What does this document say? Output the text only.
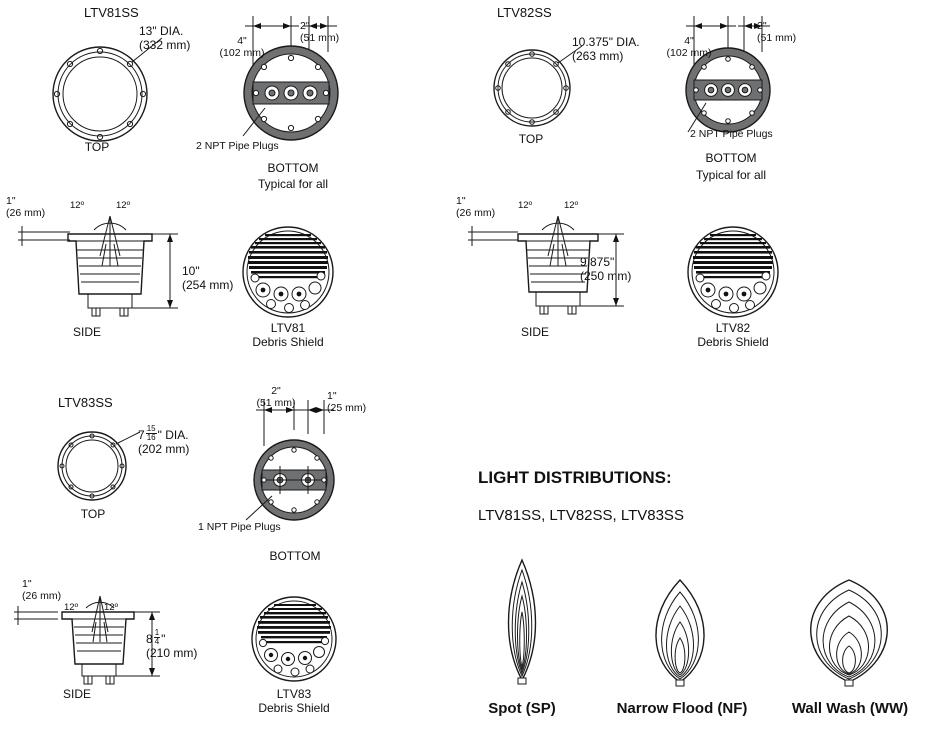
LTV81SS
13" DIA.
(332 mm)
TOP
4"
(102 mm)
2"
(51 mm)
2 NPT Pipe Plugs
BOTTOM
Typical for all
1"
(26 mm)
12º	12º
10"
(254 mm)
SIDE	LTV81
Debris Shield
LTV82SS
10.375" DIA.
(263 mm)
TOP
4"
(102 mm)
2"
(51 mm)
2 NPT Pipe Plugs
BOTTOM
Typical for all
1"
(26 mm)
12º	12º
9.875"
(250 mm)
SIDE	LTV82
Debris Shield
LTV83SS
$7 \frac{15}{16}$ " DIA.
(202 mm)
TOP
2"
(51 mm)
1"
(25 mm)
1 NPT Pipe Plugs
BOTTOM
1"
(26 mm)
12º	12º
$8 \frac{1}{4}$ "
(210 mm)
SIDE	LTV83
Debris Shield
LIGHT DISTRIBUTIONS:
LTV81SS, LTV82SS, LTV83SS
Spot (SP)	Narrow Flood (NF)	Wall Wash (WW)
